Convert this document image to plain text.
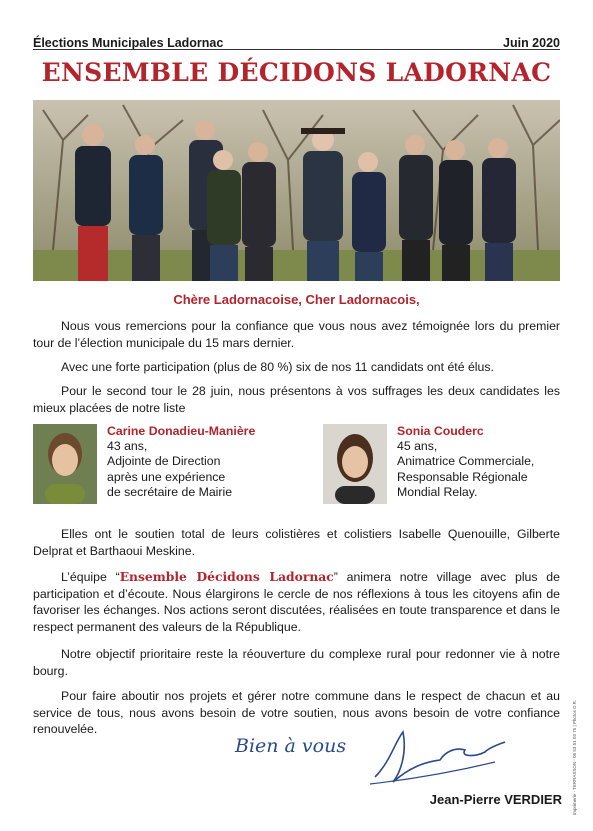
Élections Municipales Ladornac	Juin 2020
ENSEMBLE DÉCIDONS LADORNAC
Chère Ladornacoise, Cher Ladornacois,

Nous vous remercions pour la confiance que vous nous avez témoignée lors du premier tour de l’élection municipale du 15 mars dernier.

Avec une forte participation (plus de 80 %) six de nos 11 candidats ont été élus.

Pour le second tour le 28 juin, nous présentons à vos suffrages les deux candidates les mieux placées de notre liste

Carine Donadieu-Manière
43 ans,
Adjointe de Direction
après une expérience
de secrétaire de Mairie
Sonia Couderc
45 ans,
Animatrice Commerciale,
Responsable Régionale
Mondial Relay.

Elles ont le soutien total de leurs colistières et colistiers Isabelle Quenouille, Gilberte Delprat et Barthaoui Meskine.

L’équipe “Ensemble Décidons Ladornac” animera notre village avec plus de participation et d’écoute. Nous élargirons le cercle de nos réflexions à tous les citoyens afin de favoriser les échanges. Nos actions seront discutées, réalisées en toute transparence et dans le respect permanent des valeurs de la République.

Notre objectif prioritaire reste la réouverture du complexe rural pour redonner vie à notre bourg.

Pour faire aboutir nos projets et gérer notre commune dans le respect de chacun et au service de tous, nous avons besoin de votre soutien, nous avons besoin de votre confiance renouvelée.

Bien à vous
Jean-Pierre VERDIER Imprimerie - TERRASSON - 05 53 51 03 75 | Photos D.R.
